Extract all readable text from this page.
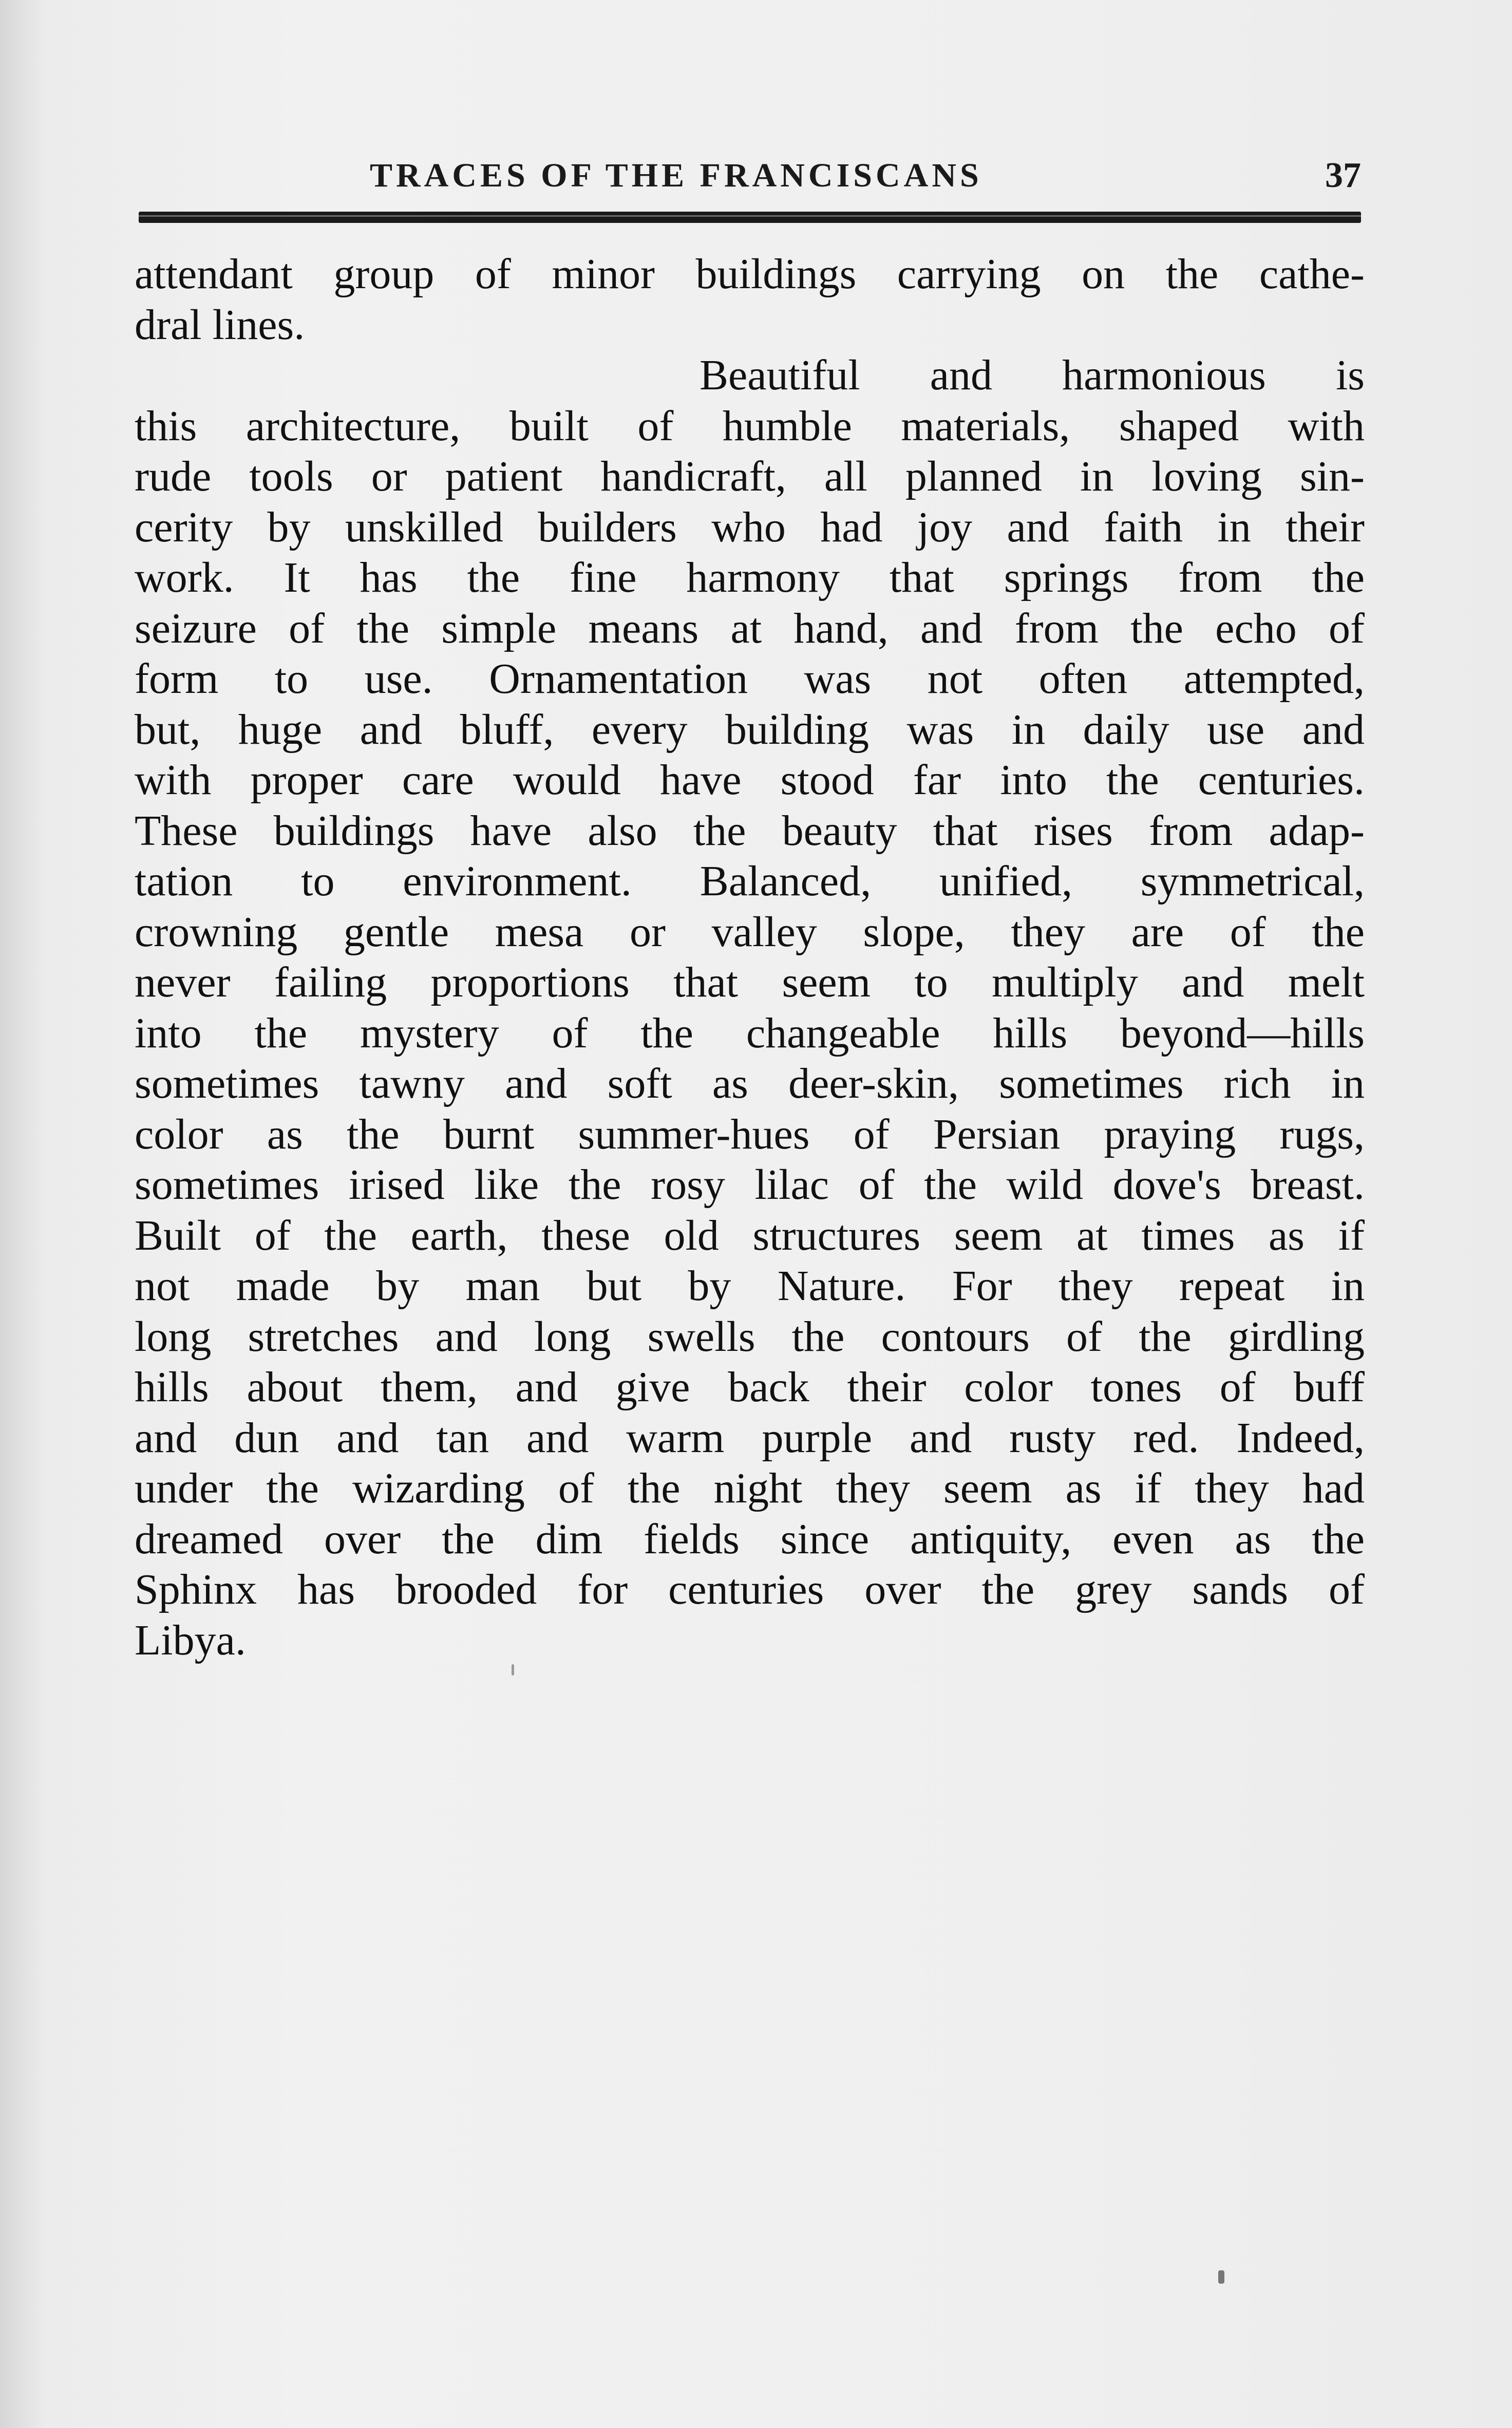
TRACES OF THE FRANCISCANS	37
attendant group of minor buildings carrying on the cathe-
dral lines.
Beautiful and harmonious is
this architecture, built of humble materials, shaped with
rude tools or patient handicraft, all planned in loving sin-
cerity by unskilled builders who had joy and faith in their
work. It has the fine harmony that springs from the
seizure of the simple means at hand, and from the echo of
form to use. Ornamentation was not often attempted,
but, huge and bluff, every building was in daily use and
with proper care would have stood far into the centuries.
These buildings have also the beauty that rises from adap-
tation to environment. Balanced, unified, symmetrical,
crowning gentle mesa or valley slope, they are of the
never failing proportions that seem to multiply and melt
into the mystery of the changeable hills beyond—hills
sometimes tawny and soft as deer-skin, sometimes rich in
color as the burnt summer-hues of Persian praying rugs,
sometimes irised like the rosy lilac of the wild dove's breast.
Built of the earth, these old structures seem at times as if
not made by man but by Nature. For they repeat in
long stretches and long swells the contours of the girdling
hills about them, and give back their color tones of buff
and dun and tan and warm purple and rusty red. Indeed,
under the wizarding of the night they seem as if they had
dreamed over the dim fields since antiquity, even as the
Sphinx has brooded for centuries over the grey sands of
Libya.
